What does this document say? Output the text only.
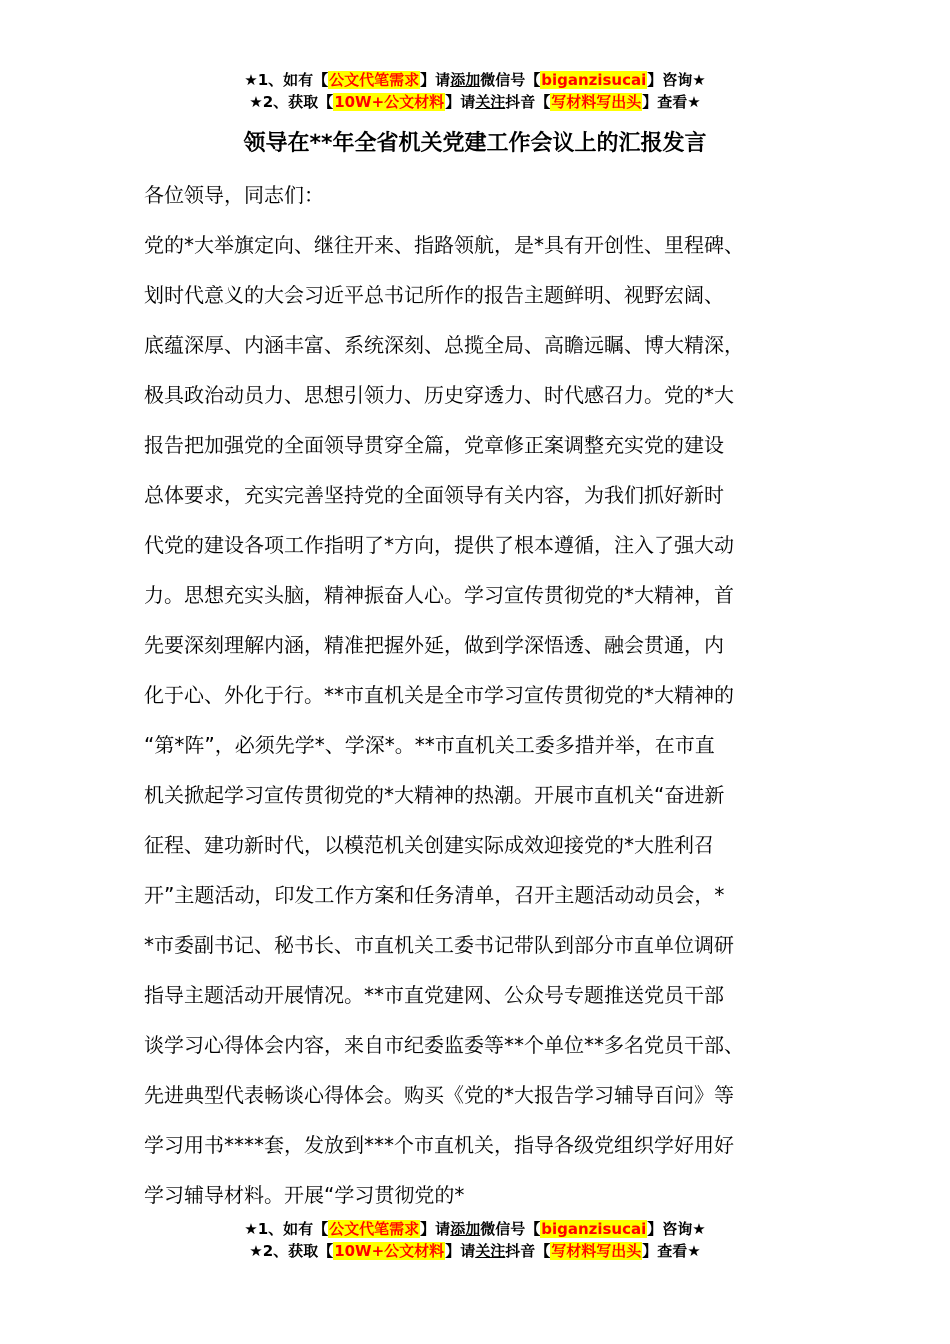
★1、如有【公文代笔需求】请添加微信号【biganzisucai】咨询★
★2、获取【10W+公文材料】请关注抖音【写材料写出头】查看★
领导在**年全省机关党建工作会议上的汇报发言
各位领导，同志们：
党的*大举旗定向、继往开来、指路领航，是*具有开创性、里程碑、
划时代意义的大会习近平总书记所作的报告主题鲜明、视野宏阔、
底蕴深厚、内涵丰富、系统深刻、总揽全局、高瞻远瞩、博大精深，
极具政治动员力、思想引领力、历史穿透力、时代感召力。党的*大
报告把加强党的全面领导贯穿全篇，党章修正案调整充实党的建设
总体要求，充实完善坚持党的全面领导有关内容，为我们抓好新时
代党的建设各项工作指明了*方向，提供了根本遵循，注入了强大动
力。思想充实头脑，精神振奋人心。学习宣传贯彻党的*大精神，首
先要深刻理解内涵，精准把握外延，做到学深悟透、融会贯通，内
化于心、外化于行。**市直机关是全市学习宣传贯彻党的*大精神的
“第*阵”，必须先学*、学深*。**市直机关工委多措并举，在市直
机关掀起学习宣传贯彻党的*大精神的热潮。开展市直机关“奋进新
征程、建功新时代，以模范机关创建实际成效迎接党的*大胜利召
开”主题活动，印发工作方案和任务清单，召开主题活动动员会，*
*市委副书记、秘书长、市直机关工委书记带队到部分市直单位调研
指导主题活动开展情况。**市直党建网、公众号专题推送党员干部
谈学习心得体会内容，来自市纪委监委等**个单位**多名党员干部、
先进典型代表畅谈心得体会。购买《党的*大报告学习辅导百问》等
学习用书****套，发放到***个市直机关，指导各级党组织学好用好
学习辅导材料。开展“学习贯彻党的*
★1、如有【公文代笔需求】请添加微信号【biganzisucai】咨询★
★2、获取【10W+公文材料】请关注抖音【写材料写出头】查看★
